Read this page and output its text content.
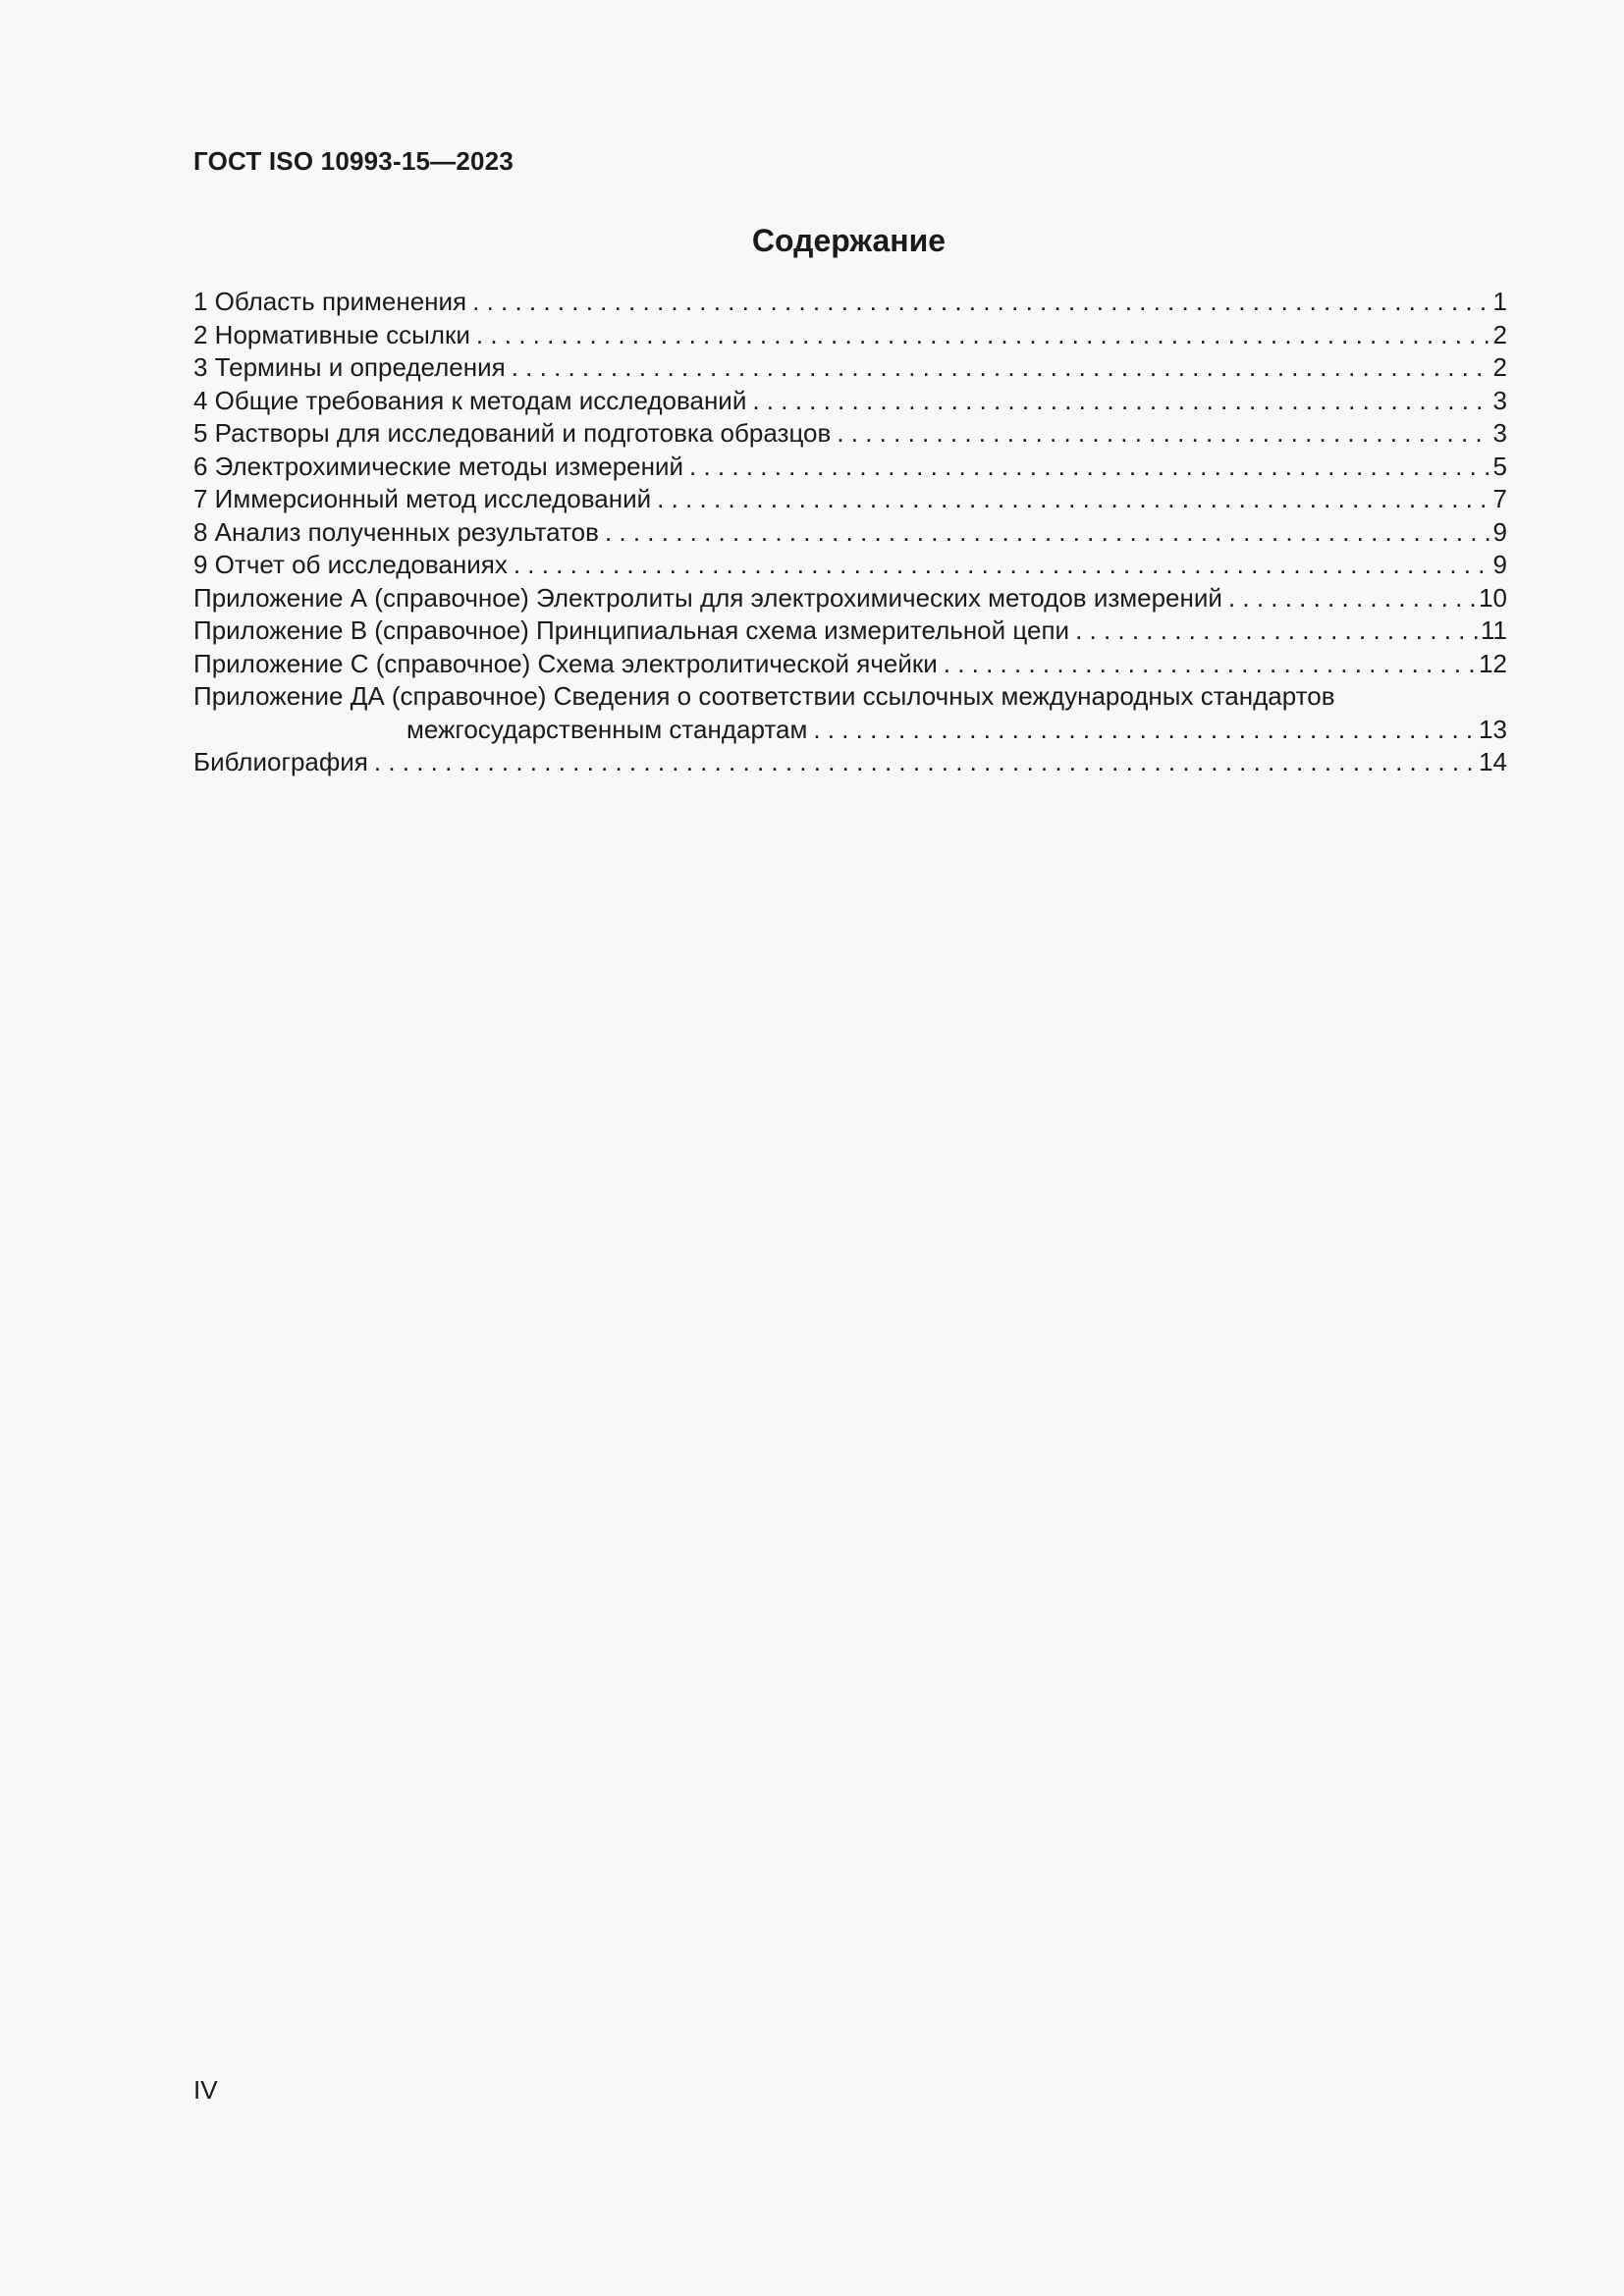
ГОСТ ISO 10993-15—2023
Содержание
1 Область применения . . .	1
2 Нормативные ссылки . . .	2
3 Термины и определения . . .	2
4 Общие требования к методам исследований . . .	3
5 Растворы для исследований и подготовка образцов . . .	3
6 Электрохимические методы измерений . . .	5
7 Иммерсионный метод исследований . . .	7
8 Анализ полученных результатов . . .	9
9 Отчет об исследованиях . . .	9
Приложение А (справочное) Электролиты для электрохимических методов измерений . . .	10
Приложение В (справочное) Принципиальная схема измерительной цепи . . .	11
Приложение С (справочное) Схема электролитической ячейки . . .	12
Приложение ДА (справочное) Сведения о соответствии ссылочных международных стандартов
межгосударственным стандартам . . .	13
Библиография . . .	14
IV
